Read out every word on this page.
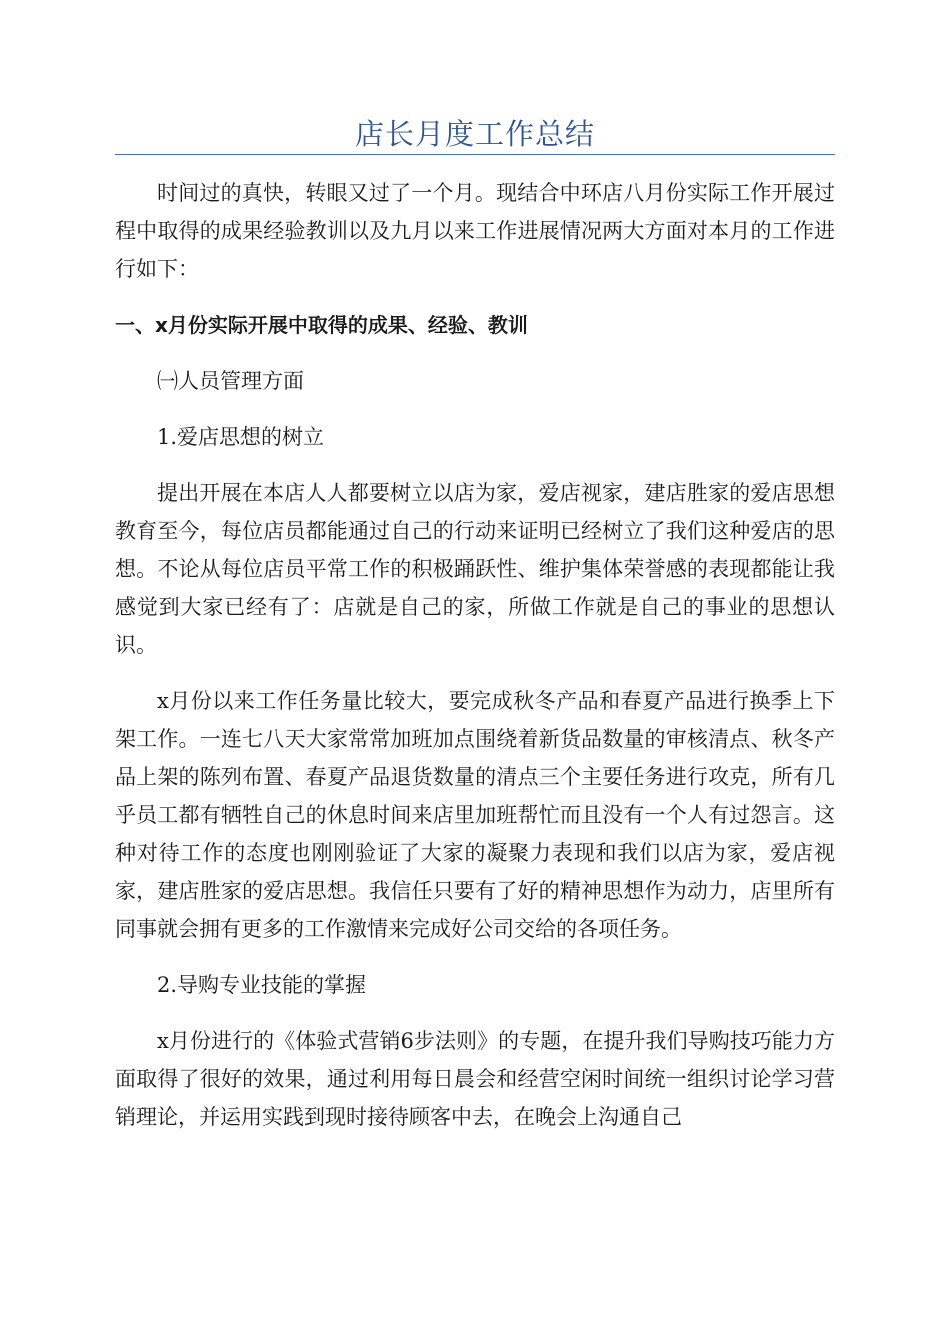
店长月度工作总结

时间过的真快，转眼又过了一个月。现结合中环店八月份实际工作开展过程中取得的成果经验教训以及九月以来工作进展情况两大方面对本月的工作进行如下：

一、x月份实际开展中取得的成果、经验、教训
㈠人员管理方面
1.爱店思想的树立

提出开展在本店人人都要树立以店为家，爱店视家，建店胜家的爱店思想教育至今，每位店员都能通过自己的行动来证明已经树立了我们这种爱店的思想。不论从每位店员平常工作的积极踊跃性、维护集体荣誉感的表现都能让我感觉到大家已经有了：店就是自己的家，所做工作就是自己的事业的思想认识。

x月份以来工作任务量比较大，要完成秋冬产品和春夏产品进行换季上下架工作。一连七八天大家常常加班加点围绕着新货品数量的审核清点、秋冬产品上架的陈列布置、春夏产品退货数量的清点三个主要任务进行攻克，所有几乎员工都有牺牲自己的休息时间来店里加班帮忙而且没有一个人有过怨言。这种对待工作的态度也刚刚验证了大家的凝聚力表现和我们以店为家，爱店视家，建店胜家的爱店思想。我信任只要有了好的精神思想作为动力，店里所有同事就会拥有更多的工作激情来完成好公司交给的各项任务。

2.导购专业技能的掌握

x月份进行的《体验式营销6步法则》的专题，在提升我们导购技巧能力方面取得了很好的效果，通过利用每日晨会和经营空闲时间统一组织讨论学习营销理论，并运用实践到现时接待顾客中去，在晚会上沟通自己
